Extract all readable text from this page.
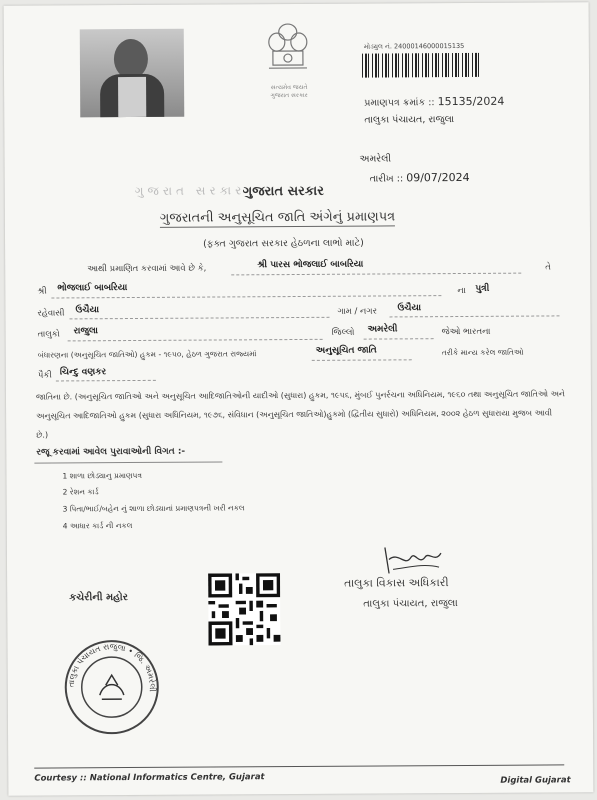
સત્યમેવ જયતે
ગુજરાત સરકાર
મોડ્યુલ નં. 24000146000015135
પ્રમાણપત્ર ક્રમાંક :: 15135/2024
તાલુકા પંચાયત, રાજુલા
અમરેલી
તારીખ :: 09/07/2024
ગુજરાત સરકાર
ગુજરાત સરકાર
ગુજરાતની અનુસૂચિત જાતિ અંગેનું પ્રમાણપત્ર
(ફક્ત ગુજરાત સરકાર હેઠળના લાભો માટે)
આથી પ્રમાણિત કરવામાં આવે છે કે,	શ્રી પારસ ભોજલાઈ બાબરિયા	તે
શ્રી ભોજલાઈ બાબરિયા	ના પુત્રી
રહેવાસી ઉચૈયા	ગામ / નગર ઉચૈયા
તાલુકો રાજુલા	જિલ્લો અમરેલી	જેઓ ભારતના
બંધારણના (અનુસૂચિત જાતિઓ) હુકમ - ૧૯૫૦, હેઠળ ગુજરાત રાજ્યમાં	અનુસૂચિત જાતિ	તરીકે માન્ય કરેલ જાતિઓ
પૈકી ચિન્દુ વણકર
જાતિના છે. (અનુસૂચિત જાતિઓ અને અનુસૂચિત આદિજાતિઓની યાદીઓ (સુધારા) હુકમ, ૧૯૫૬, મુંબઈ પુનર્રચના અધિનિયમ, ૧૯૬૦ તથા અનુસૂચિત જાતિઓ અને અનુસૂચિત આદિજાતિઓ હુકમ (સુધારા અધિનિયમ, ૧૯૭૬, સંવિધાન (અનુસૂચિત જાતિઓ)હુકમો (દ્વિતીય સુધારો) અધિનિયમ, ૨૦૦૨ હેઠળ સુધારાયા મુજબ આવી છે.)
રજૂ કરવામાં આવેલ પુરાવાઓની વિગત :-
1 શાળા છોડ્યાનુ પ્રમાણપત્ર
2 રેશન કાર્ડ
3 પિતા/ભાઈ/બહેન નું શાળા છોડ્યાનાં પ્રમાણપત્રની ખરી નકલ
4 આધાર કાર્ડ ની નકલ
તાલુકા વિકાસ અધિકારી
તાલુકા પંચાયત, રાજુલા
કચેરીની મહોર
તાલુકા પંચાયત રાજુલા • જિ. અમરેલી
Courtesy :: National Informatics Centre, Gujarat	Digital Gujarat
